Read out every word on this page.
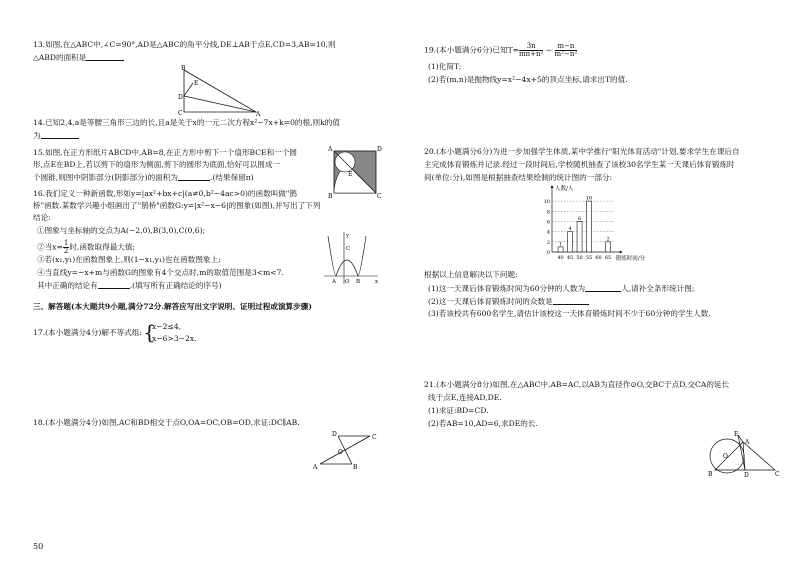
13.如图,在△ABC中,∠C=90°,AD是△ABC的角平分线,DE⊥AB于点E,CD=3,AB=10,则
△ABD的面积是
B
E
D
C	A
14.已知2,4,a是等腰三角形三边的长,且a是关于x的一元二次方程x²−7x+k=0的根,则k的值
为
15.如图,在正方形纸片ABCD中,AB=8,在正方形中剪下一个扇形BCE和一个圆
形,点E在BD上,若以剪下的扇形为侧面,剪下的圆形为底面,恰好可以围成一
个圆锥,则图中阴影部分(阴影部分)的面积为	.(结果保留π)
A	D
B	C
E
16.我们定义一种新函数,形如y=|ax²+bx+c|(a≠0,b²−4ac>0)的函数叫做"鹊
桥"函数.某数学兴趣小组画出了"鹊桥"函数G:y=|x²−x−6|的图象(如图),并写出了下列
结论:
①图象与坐标轴的交点为A(−2,0),B(3,0),C(0,6);
②当$x= \frac{1}{2}$ 时,函数取得最大值;
③若(x₁,y₁)在函数图象上,则(1−x₁,y₁)也在函数图象上;
④当直线y=−x+m与函数G的图象有4个交点时,m的取值范围是3<m<7.
其中正确的结论有	.(填写所有正确结论的序号)
y
C
A O B	x
三、解答题(本大题共9小题,满分72分.解答应写出文字说明、证明过程或演算步骤)
17.(本小题满分4分)解不等式组: {
x−2≤4,
x−6>3−2x.
18.(本小题满分4分)如图,AC和BD相交于点O,OA=OC,OB=OD,求证:DC∥AB.
D	C
O
A	B
50
19.(本小题满分6分)已知$T= \frac{3n}{\text{mn+n²}} - \frac{m-n}{\text{m²−n²}}$
(1)化简T;
(2)若(m,n)是抛物线y=x²−4x+5的顶点坐标,请求出T的值.
20.(本小题满分6分)为进一步加强学生体质,某中学推行"阳光体育活动"计划,要求学生在课后自
主完成体育锻炼并记录.经过一段时间后,学校随机抽查了该校30名学生某一天课后体育锻炼时
间(单位:分),如图是根据抽查结果绘制的统计图的一部分:
人数/人
锻炼时间/分
2
4
6
8
10
0
1
40
4
45
6
50
10
55 60
2
65
根据以上信息解决以下问题:
(1)这一天课后体育锻炼时间为60分钟的人数为	人,请补全条形统计图;
(2)这一天课后体育锻炼时间的众数是
(3)若该校共有600名学生,请估计该校这一天体育锻炼时间不少于60分钟的学生人数.
21.(本小题满分8分)如图,在△ABC中,AB=AC,以AB为直径作⊙O,交BC于点D,交CA的延长
线于点E,连接AD,DE.
(1)求证:BD=CD.
(2)若AB=10,AD=6,求DE的长.
E
A
O
B	D	C
